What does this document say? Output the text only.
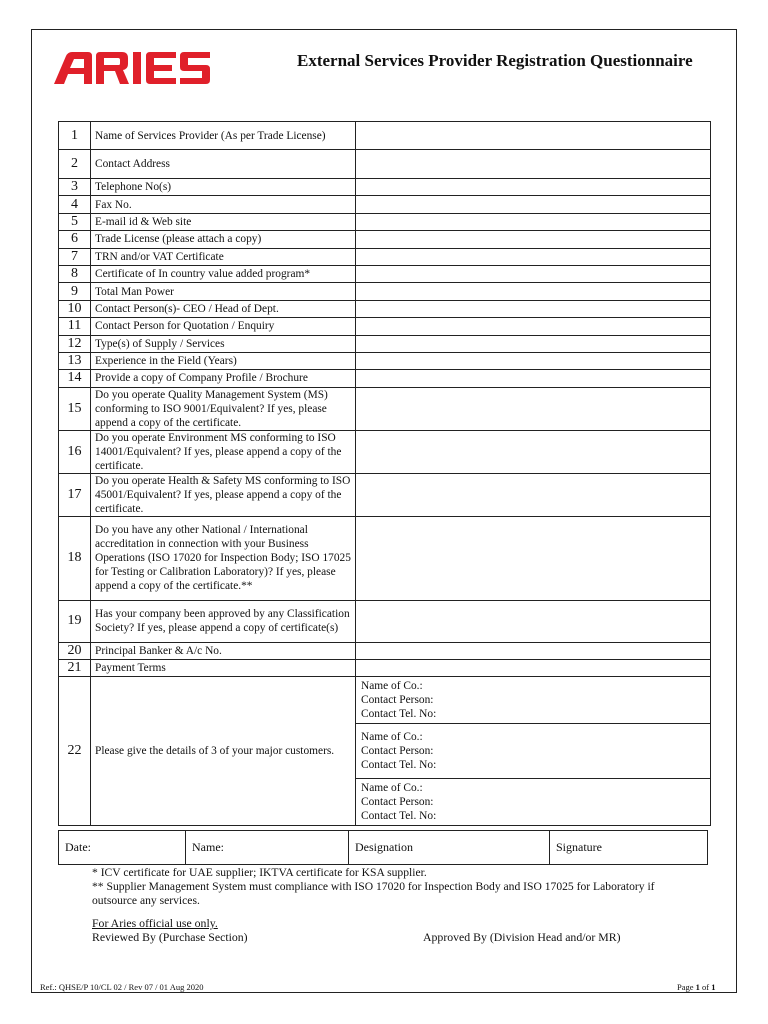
External Services Provider Registration Questionnaire
1	Name of Services Provider (As per Trade License)	
2	Contact Address	
3	Telephone No(s)	
4	Fax No.	
5	E-mail id & Web site	
6	Trade License (please attach a copy)	
7	TRN and/or VAT Certificate	
8	Certificate of In country value added program*	
9	Total Man Power	
10	Contact Person(s)- CEO / Head of Dept.	
11	Contact Person for Quotation / Enquiry	
12	Type(s) of Supply / Services	
13	Experience in the Field (Years)	
14	Provide a copy of Company Profile / Brochure	
15	Do you operate Quality Management System (MS) conforming to ISO 9001/Equivalent? If yes, please append a copy of the certificate.	
16	Do you operate Environment MS conforming to ISO 14001/Equivalent? If yes, please append a copy of the certificate.	
17	Do you operate Health & Safety MS conforming to ISO 45001/Equivalent? If yes, please append a copy of the certificate.	
18	Do you have any other National / International accreditation in connection with your Business Operations (ISO 17020 for Inspection Body; ISO 17025 for Testing or Calibration Laboratory)? If yes, please append a copy of the certificate.**	
19	Has your company been approved by any Classification Society? If yes, please append a copy of certificate(s)	
20	Principal Banker & A/c No.	
21	Payment Terms	
22	Please give the details of 3 of your major customers.	Name of Co.:
Contact Person:
Contact Tel. No:

		Name of Co.:
Contact Person:
Contact Tel. No:

		Name of Co.:
Contact Person:
Contact Tel. No:
Date:	Name:	Designation	Signature
* ICV certificate for UAE supplier; IKTVA certificate for KSA supplier.
** Supplier Management System must compliance with ISO 17020 for Inspection Body and ISO 17025 for Laboratory if outsource any services.
For Aries official use only.
Reviewed By (Purchase Section)	Approved By (Division Head and/or MR)
Ref.: QHSE/P 10/CL 02 / Rev 07 / 01 Aug 2020	Page 1 of 1
